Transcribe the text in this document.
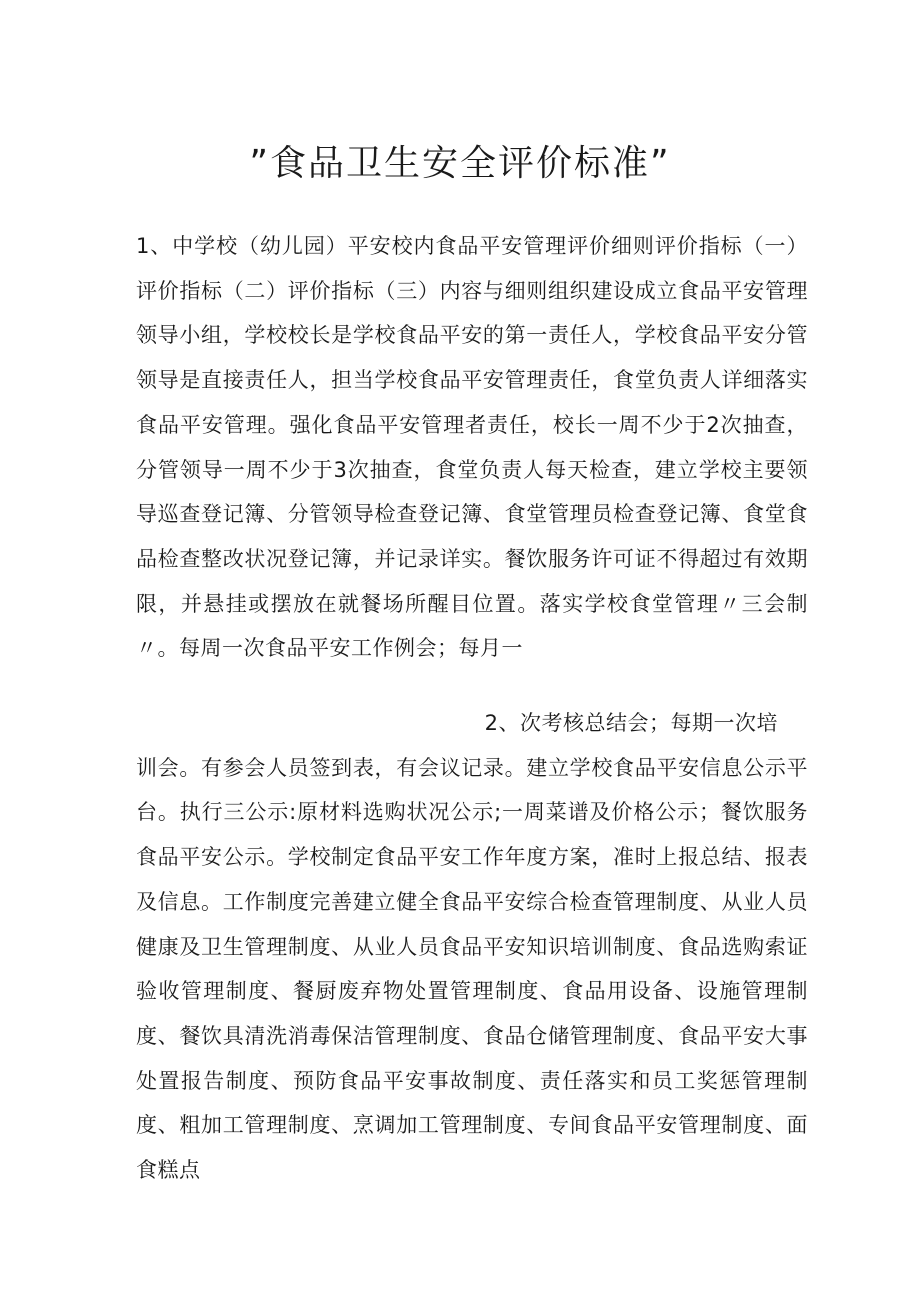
”食品卫生安全评价标准”

1、中学校（幼儿园）平安校内食品平安管理评价细则评价指标（一）评价指标（二）评价指标（三）内容与细则组织建设成立食品平安管理领导小组，学校校长是学校食品平安的第一责任人，学校食品平安分管领导是直接责任人，担当学校食品平安管理责任，食堂负责人详细落实食品平安管理。强化食品平安管理者责任，校长一周不少于2次抽查，分管领导一周不少于3次抽查，食堂负责人每天检查，建立学校主要领导巡查登记簿、分管领导检查登记簿、食堂管理员检查登记簿、食堂食品检查整改状况登记簿，并记录详实。餐饮服务许可证不得超过有效期限，并悬挂或摆放在就餐场所醒目位置。落实学校食堂管理〃三会制〃。每周一次食品平安工作例会；每月一

2、次考核总结会；每期一次培
训会。有参会人员签到表，有会议记录。建立学校食品平安信息公示平台。执行三公示:原材料选购状况公示;一周菜谱及价格公示；餐饮服务食品平安公示。学校制定食品平安工作年度方案，准时上报总结、报表及信息。工作制度完善建立健全食品平安综合检查管理制度、从业人员健康及卫生管理制度、从业人员食品平安知识培训制度、食品选购索证验收管理制度、餐厨废弃物处置管理制度、食品用设备、设施管理制度、餐饮具清洗消毒保洁管理制度、食品仓储管理制度、食品平安大事处置报告制度、预防食品平安事故制度、责任落实和员工奖惩管理制度、粗加工管理制度、烹调加工管理制度、专间食品平安管理制度、面食糕点
